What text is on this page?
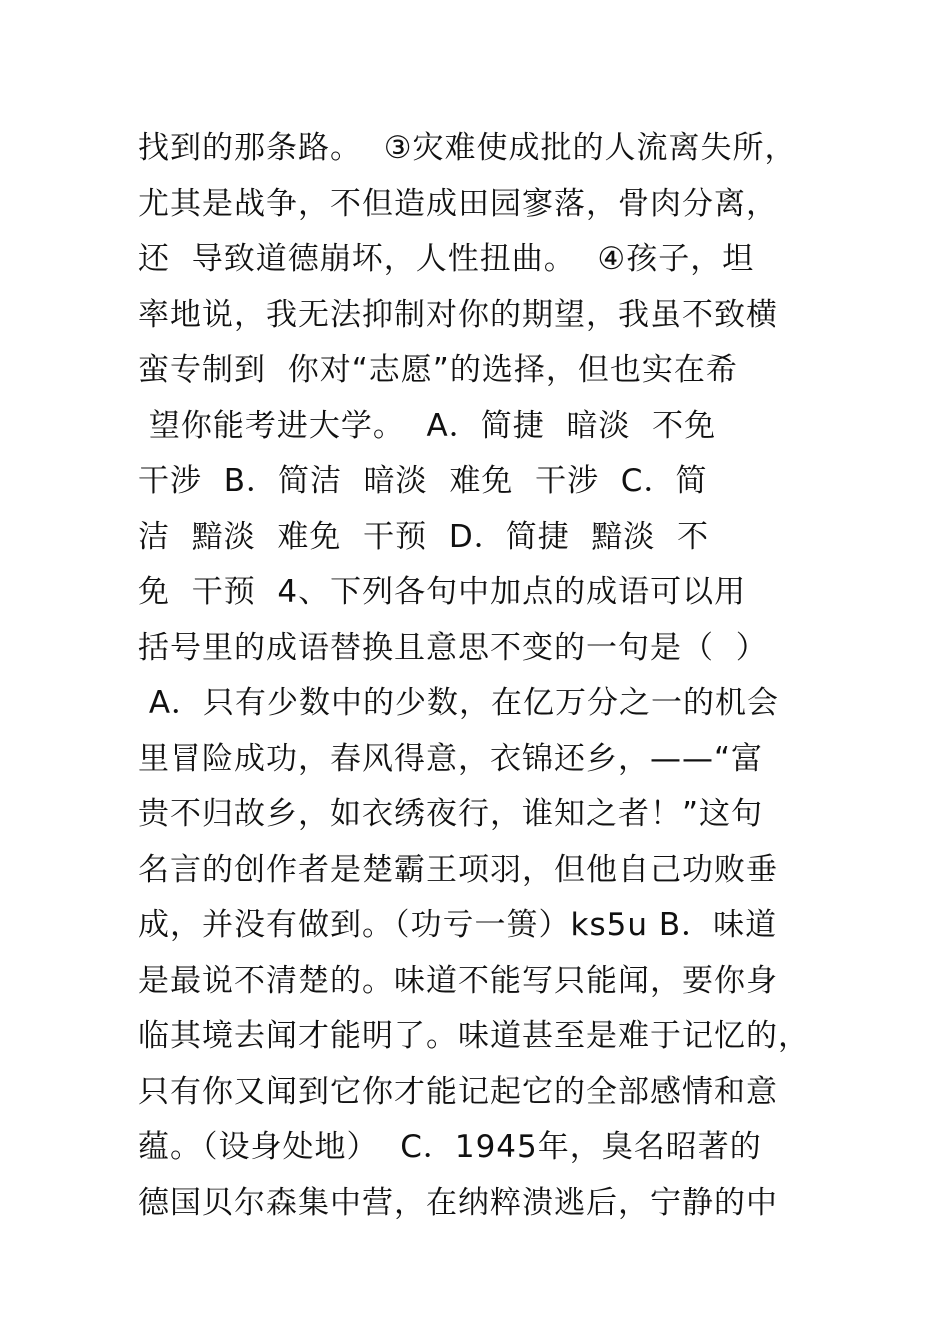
找到的那条路。  ③灾难使成批的人流离失所，
尤其是战争，不但造成田园寥落，骨肉分离，
还  导致道德崩坏，人性扭曲。  ④孩子，坦
率地说，我无法抑制对你的期望，我虽不致横
蛮专制到  你对“志愿”的选择，但也实在希
望你能考进大学。  A．简捷  暗淡  不免
干涉  B．简洁  暗淡  难免  干涉  C．简
洁  黯淡  难免  干预  D．简捷  黯淡  不
免  干预  4、下列各句中加点的成语可以用
括号里的成语替换且意思不变的一句是（  ）
A．只有少数中的少数，在亿万分之一的机会
里冒险成功，春风得意，衣锦还乡，——“富
贵不归故乡，如衣绣夜行，谁知之者！”这句
名言的创作者是楚霸王项羽，但他自己功败垂
成，并没有做到。（功亏一篑）ks5u B．味道
是最说不清楚的。味道不能写只能闻，要你身
临其境去闻才能明了。味道甚至是难于记忆的，
只有你又闻到它你才能记起它的全部感情和意
蕴。（设身处地）  C．1945年，臭名昭著的
德国贝尔森集中营，在纳粹溃逃后，宁静的中
